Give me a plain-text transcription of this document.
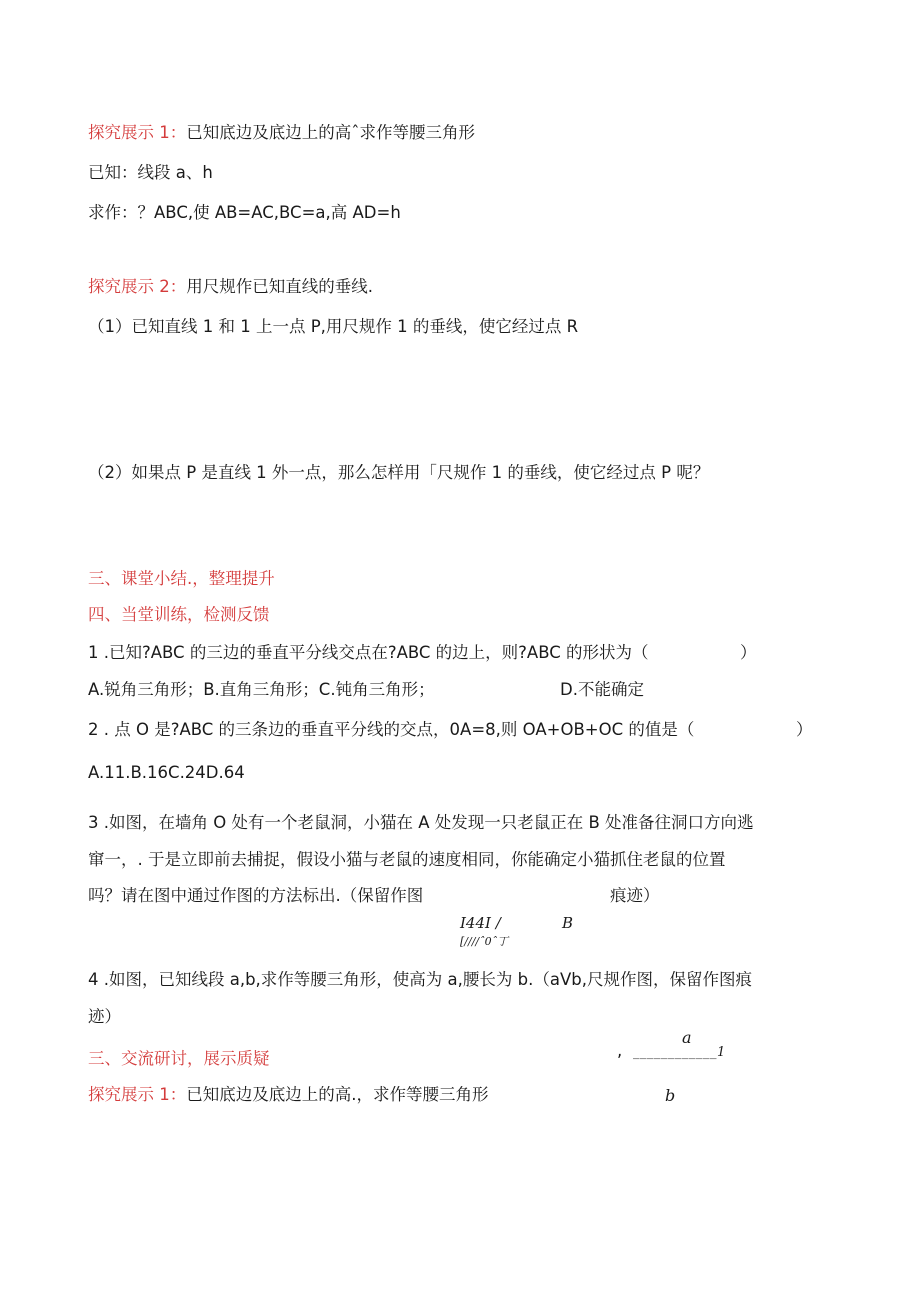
探究展示 1：已知底边及底边上的高ˆ求作等腰三角形
已知：线段 a、h
求作：？ABC,使 AB=AC,BC=a,高 AD=h
探究展示 2：用尺规作已知直线的垂线.
（1）已知直线 1 和 1 上一点 P,用尺规作 1 的垂线，使它经过点 R
（2）如果点 P 是直线 1 外一点，那么怎样用「尺规作 1 的垂线，使它经过点 P 呢？
三、课堂小结.，整理提升
四、当堂训练，检测反馈
1 .已知?ABC 的三边的垂直平分线交点在?ABC 的边上，则?ABC 的形状为（	）
A.锐角三角形；B.直角三角形；C.钝角三角形；	D.不能确定
2 . 点 O 是?ABC 的三条边的垂直平分线的交点，0A=8,则 OA+OB+OC 的值是（	）
A.11.B.16C.24D.64
3 .如图，在墙角 O 处有一个老鼠洞，小猫在 A 处发现一只老鼠正在 B 处准备往洞口方向逃
窜一，. 于是立即前去捕捉，假设小猫与老鼠的速度相同，你能确定小猫抓住老鼠的位置
吗？请在图中通过作图的方法标出.（保留作图	痕迹）
I44I /	B
[////ˆ0ˆ丁
4 .如图，已知线段 a,b,求作等腰三角形，使高为 a,腰长为 b.（aVb,尺规作图，保留作图痕
迹）
a
三、交流研讨，展示质疑	, ____________1
探究展示 1：已知底边及底边上的高.，求作等腰三角形	b
